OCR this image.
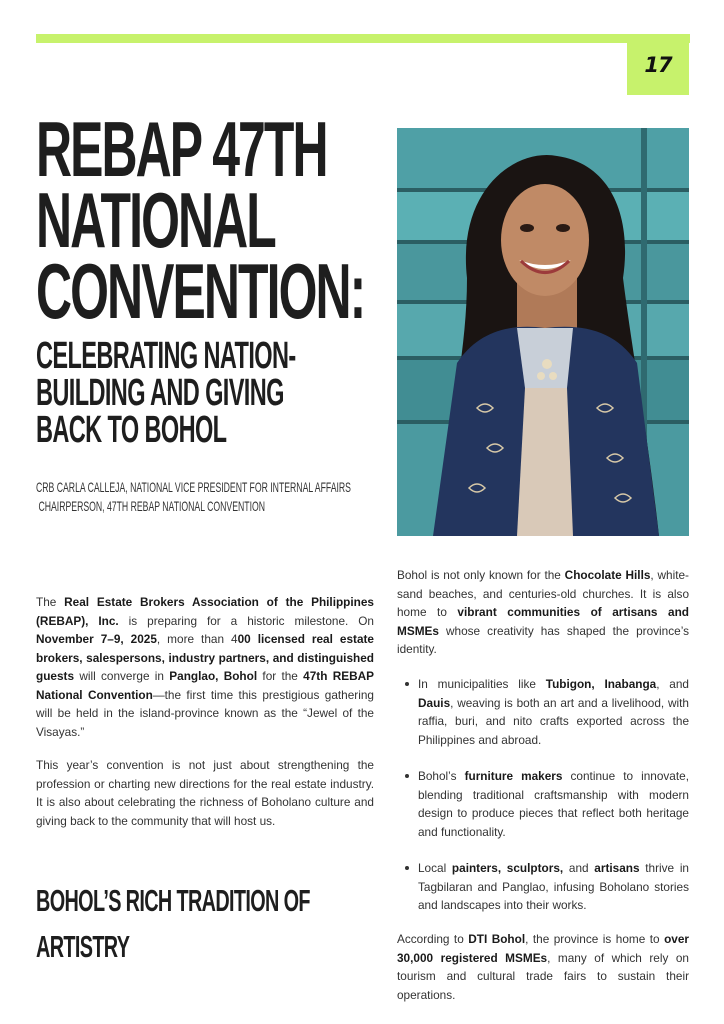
17
REBAP 47TH
NATIONAL
CONVENTION:
CELEBRATING NATION-
BUILDING AND GIVING
BACK TO BOHOL
CRB CARLA CALLEJA, NATIONAL VICE PRESIDENT FOR INTERNAL AFFAIRS
CHAIRPERSON, 47TH REBAP NATIONAL CONVENTION
The Real Estate Brokers Association of the Philippines (REBAP), Inc. is preparing for a historic milestone. On November 7–9, 2025, more than 400 licensed real estate brokers, salespersons, industry partners, and distinguished guests will converge in Panglao, Bohol for the 47th REBAP National Convention—the first time this prestigious gathering will be held in the island-province known as the “Jewel of the Visayas.”
This year’s convention is not just about strengthening the profession or charting new directions for the real estate industry. It is also about celebrating the richness of Boholano culture and giving back to the community that will host us.
BOHOL’S RICH TRADITION OF
ARTISTRY
Bohol is not only known for the Chocolate Hills, white-sand beaches, and centuries-old churches. It is also home to vibrant communities of artisans and MSMEs whose creativity has shaped the province’s identity.
In municipalities like Tubigon, Inabanga, and Dauis, weaving is both an art and a livelihood, with raffia, buri, and nito crafts exported across the Philippines and abroad.
Bohol’s furniture makers continue to innovate, blending traditional craftsmanship with modern design to produce pieces that reflect both heritage and functionality.
Local painters, sculptors, and artisans thrive in Tagbilaran and Panglao, infusing Boholano stories and landscapes into their works.
According to DTI Bohol, the province is home to over 30,000 registered MSMEs, many of which rely on tourism and cultural trade fairs to sustain their operations.
